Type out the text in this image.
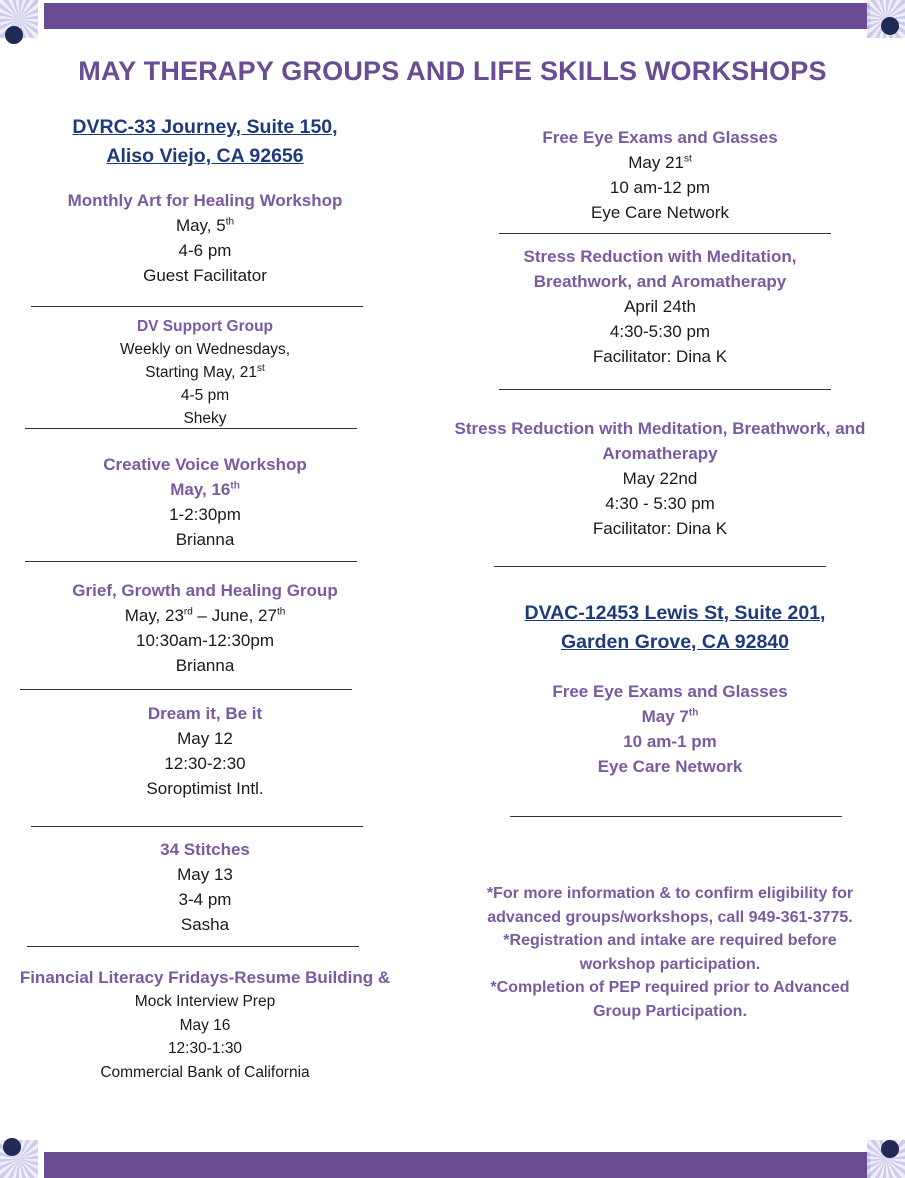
MAY THERAPY GROUPS AND LIFE SKILLS WORKSHOPS
DVRC-33 Journey, Suite 150,
Aliso Viejo, CA 92656
Monthly Art for Healing Workshop
May, 5th
4-6 pm
Guest Facilitator
DV Support Group
Weekly on Wednesdays,
Starting May, 21st
4-5 pm
Sheky
Creative Voice Workshop
May, 16th
1-2:30pm
Brianna
Grief, Growth and Healing Group
May, 23rd – June, 27th
10:30am-12:30pm
Brianna
Dream it, Be it
May 12
12:30-2:30
Soroptimist Intl.
34 Stitches
May 13
3-4 pm
Sasha
Financial Literacy Fridays-Resume Building &
Mock Interview Prep
May 16
12:30-1:30
Commercial Bank of California
Free Eye Exams and Glasses
May 21st
10 am-12 pm
Eye Care Network
Stress Reduction with Meditation,
Breathwork, and Aromatherapy
April 24th
4:30-5:30 pm
Facilitator: Dina K
Stress Reduction with Meditation, Breathwork, and
Aromatherapy
May 22nd
4:30 - 5:30 pm
Facilitator: Dina K
DVAC-12453 Lewis St, Suite 201,
Garden Grove, CA 92840
Free Eye Exams and Glasses
May 7th
10 am-1 pm
Eye Care Network
*For more information & to confirm eligibility for
advanced groups/workshops, call 949-361-3775.
*Registration and intake are required before
workshop participation.
*Completion of PEP required prior to Advanced
Group Participation.
